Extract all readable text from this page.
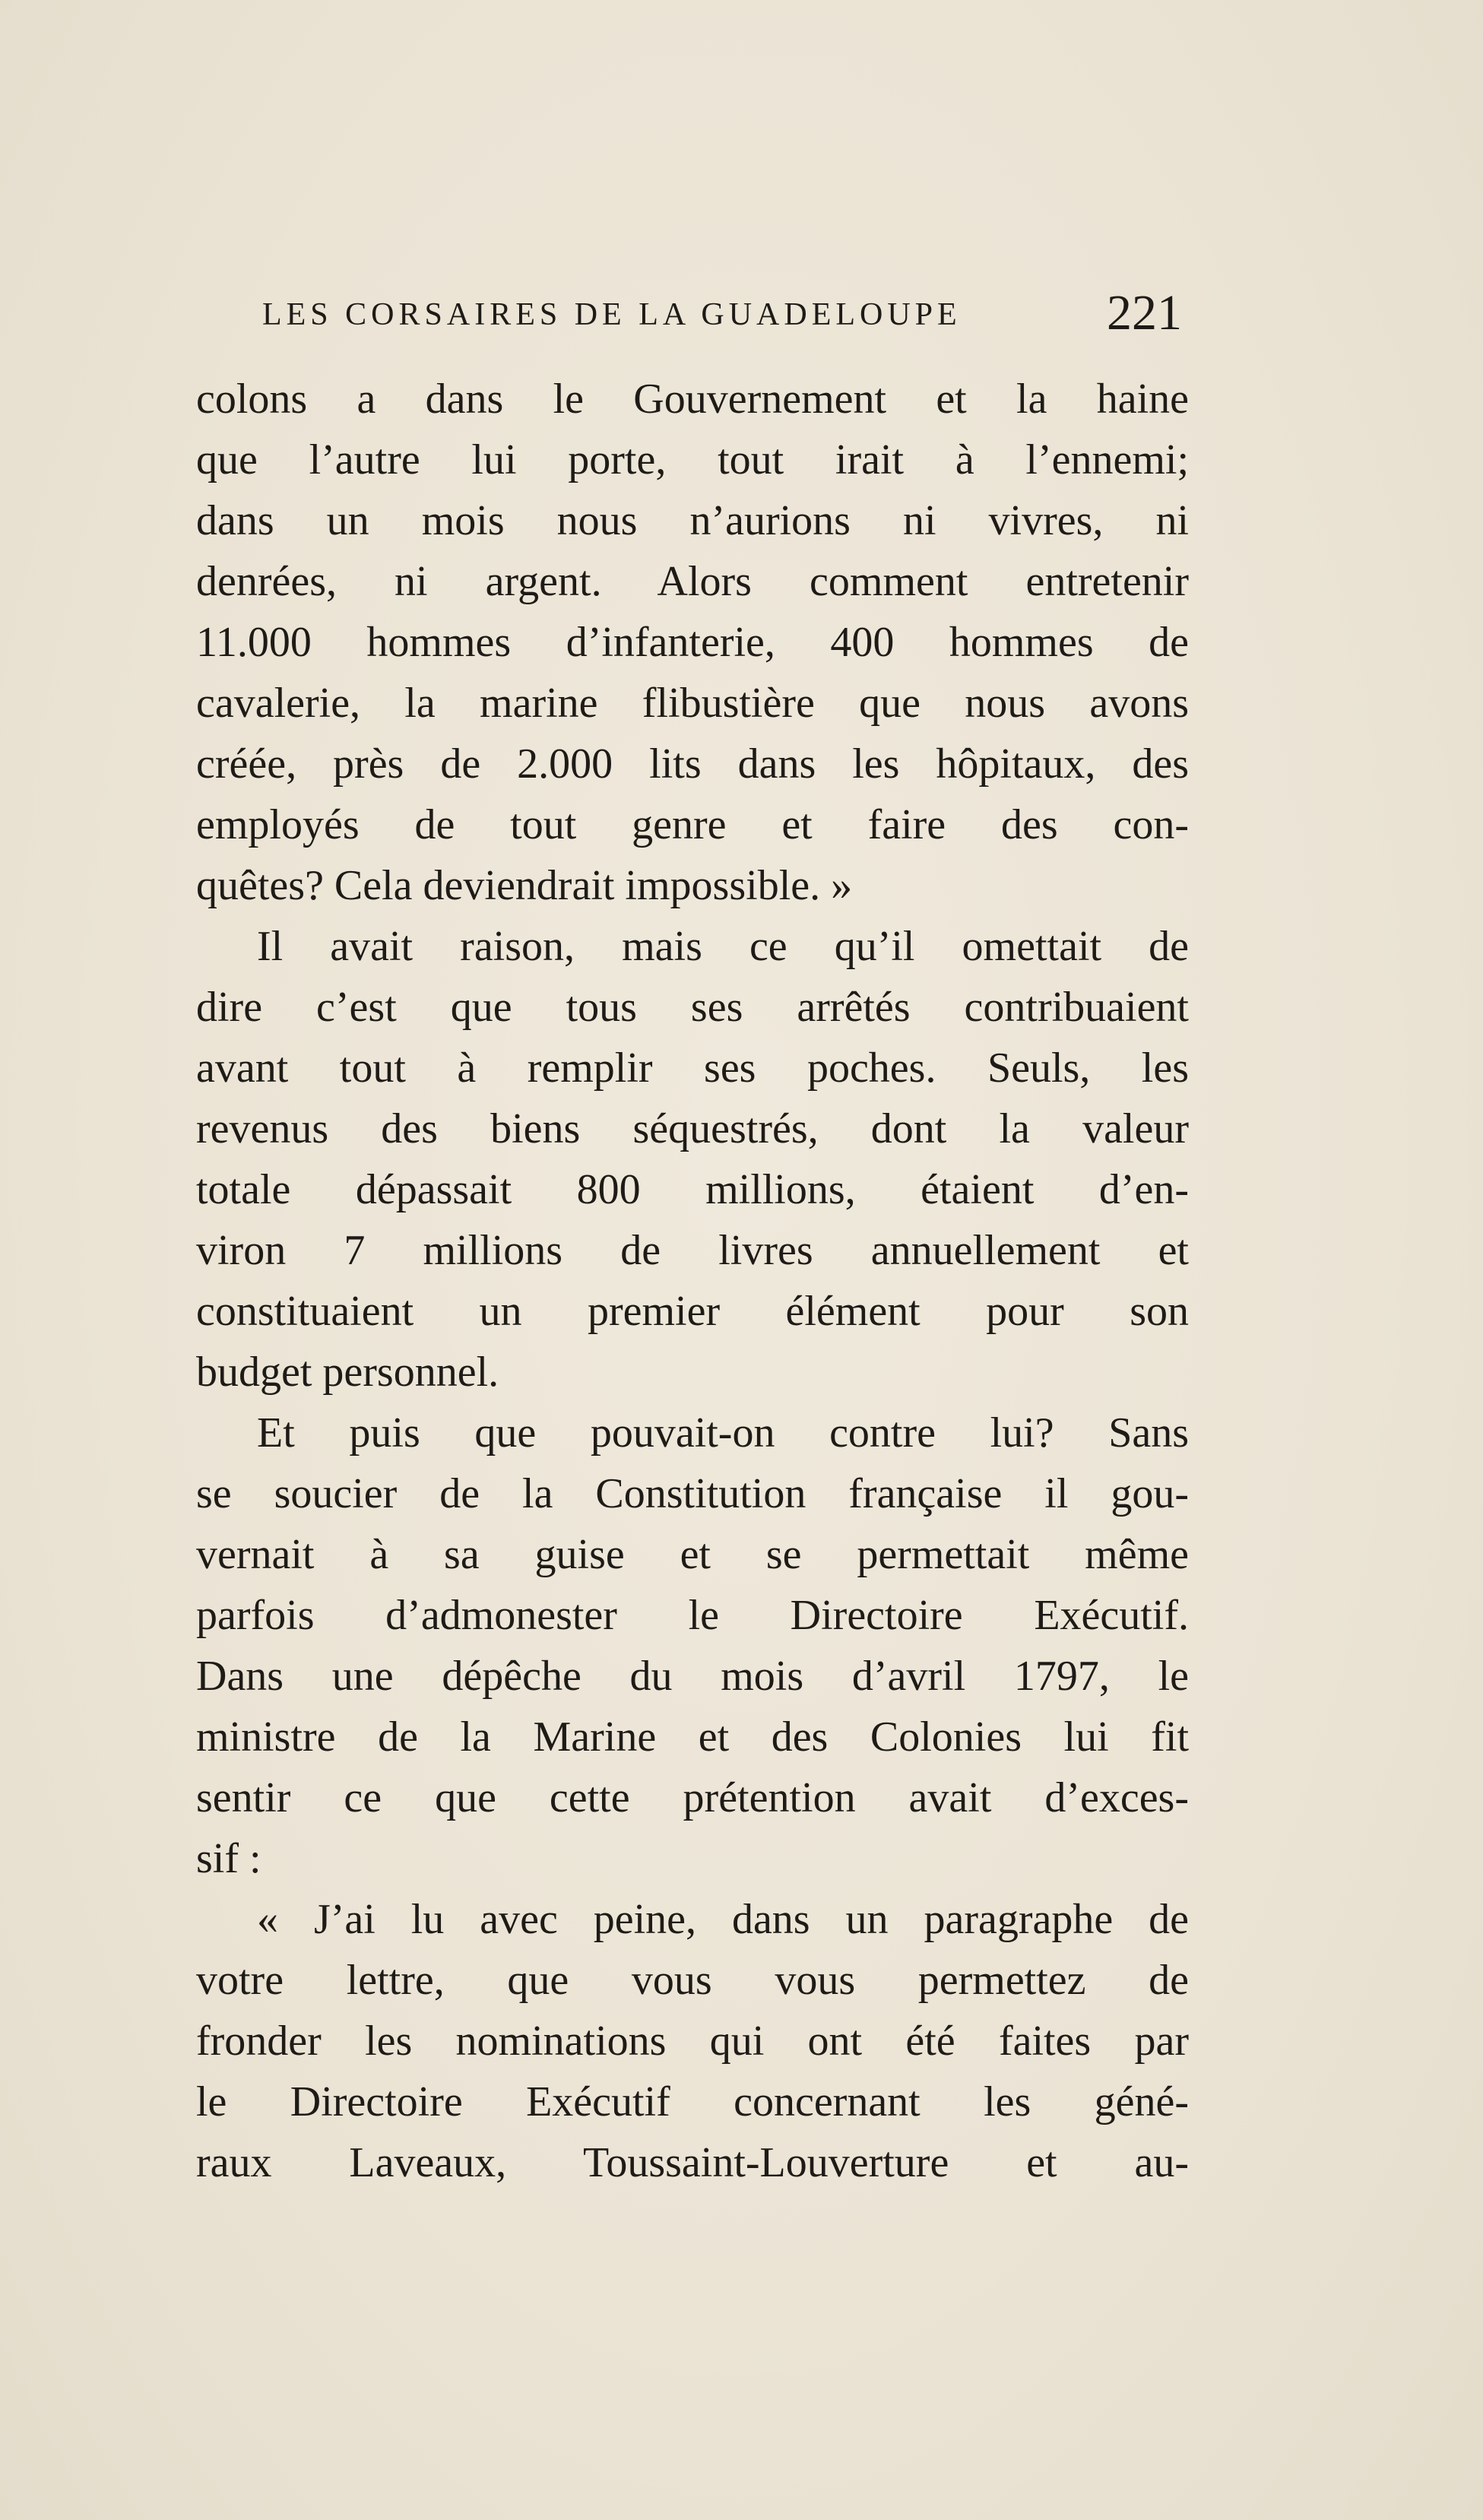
LES CORSAIRES DE LA GUADELOUPE	221
colons a dans le Gouvernement et la haine
que l’autre lui porte, tout irait à l’ennemi;
dans un mois nous n’aurions ni vivres, ni
denrées, ni argent. Alors comment entretenir
11.000 hommes d’infanterie, 400 hommes de
cavalerie, la marine flibustière que nous avons
créée, près de 2.000 lits dans les hôpitaux, des
employés de tout genre et faire des con-
quêtes? Cela deviendrait impossible. »
Il avait raison, mais ce qu’il omettait de
dire c’est que tous ses arrêtés contribuaient
avant tout à remplir ses poches. Seuls, les
revenus des biens séquestrés, dont la valeur
totale dépassait 800 millions, étaient d’en-
viron 7 millions de livres annuellement et
constituaient un premier élément pour son
budget personnel.
Et puis que pouvait-on contre lui? Sans
se soucier de la Constitution française il gou-
vernait à sa guise et se permettait même
parfois d’admonester le Directoire Exécutif.
Dans une dépêche du mois d’avril 1797, le
ministre de la Marine et des Colonies lui fit
sentir ce que cette prétention avait d’exces-
sif :
« J’ai lu avec peine, dans un paragraphe de
votre lettre, que vous vous permettez de
fronder les nominations qui ont été faites par
le Directoire Exécutif concernant les géné-
raux Laveaux, Toussaint-Louverture et au-
